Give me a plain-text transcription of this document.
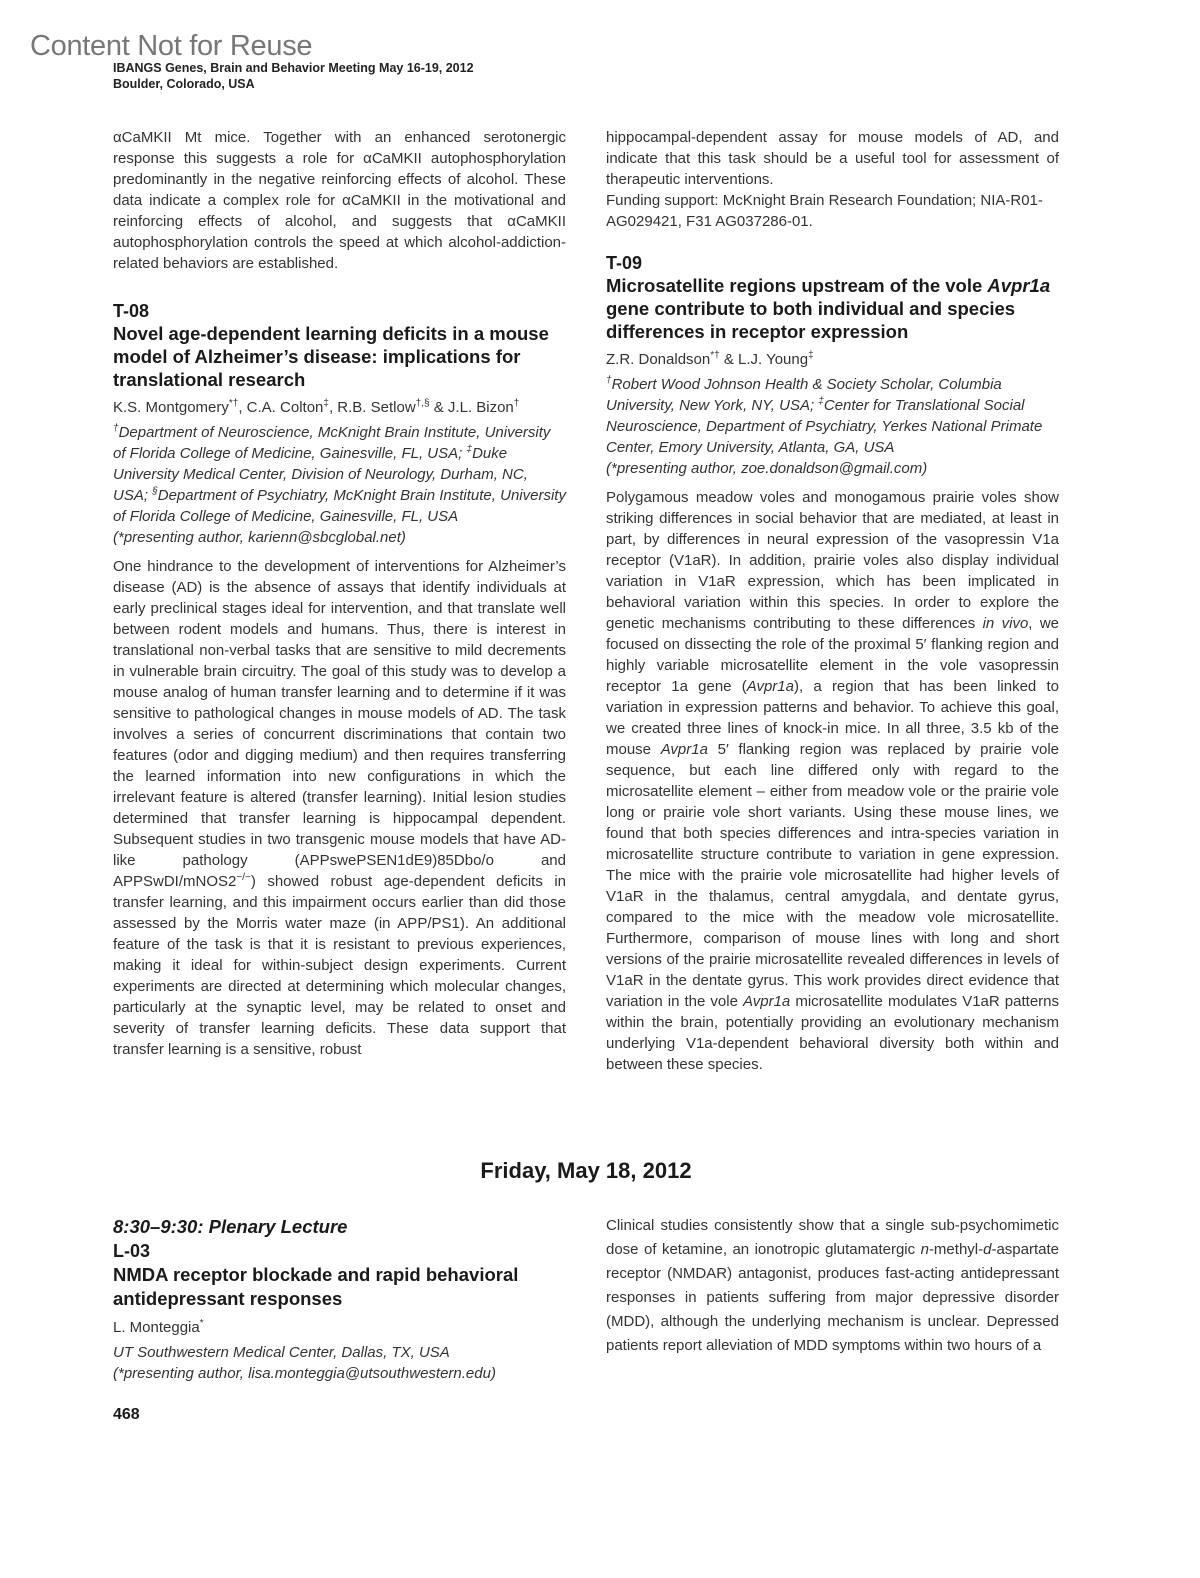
Content Not for Reuse
IBANGS Genes, Brain and Behavior Meeting May 16-19, 2012
Boulder, Colorado, USA

αCaMKII Mt mice. Together with an enhanced serotonergic response this suggests a role for αCaMKII autophosphorylation predominantly in the negative reinforcing effects of alcohol. These data indicate a complex role for αCaMKII in the motivational and reinforcing effects of alcohol, and suggests that αCaMKII autophosphorylation controls the speed at which alcohol-addiction-related behaviors are established.

T-08

Novel age-dependent learning deficits in a mouse model of Alzheimer’s disease: implications for translational research

K.S. Montgomery*†, C.A. Colton‡, R.B. Setlow†,§ & J.L. Bizon†

†Department of Neuroscience, McKnight Brain Institute, University of Florida College of Medicine, Gainesville, FL, USA; ‡Duke University Medical Center, Division of Neurology, Durham, NC, USA; §Department of Psychiatry, McKnight Brain Institute, University of Florida College of Medicine, Gainesville, FL, USA

(*presenting author, karienn@sbcglobal.net)

One hindrance to the development of interventions for Alzheimer’s disease (AD) is the absence of assays that identify individuals at early preclinical stages ideal for intervention, and that translate well between rodent models and humans. Thus, there is interest in translational non-verbal tasks that are sensitive to mild decrements in vulnerable brain circuitry. The goal of this study was to develop a mouse analog of human transfer learning and to determine if it was sensitive to pathological changes in mouse models of AD. The task involves a series of concurrent discriminations that contain two features (odor and digging medium) and then requires transferring the learned information into new configurations in which the irrelevant feature is altered (transfer learning). Initial lesion studies determined that transfer learning is hippocampal dependent. Subsequent studies in two transgenic mouse models that have AD-like pathology (APPswePSEN1dE9)85Dbo/o and APPSwDI/mNOS2−/−) showed robust age-dependent deficits in transfer learning, and this impairment occurs earlier than did those assessed by the Morris water maze (in APP/PS1). An additional feature of the task is that it is resistant to previous experiences, making it ideal for within-subject design experiments. Current experiments are directed at determining which molecular changes, particularly at the synaptic level, may be related to onset and severity of transfer learning deficits. These data support that transfer learning is a sensitive, robust

hippocampal-dependent assay for mouse models of AD, and indicate that this task should be a useful tool for assessment of therapeutic interventions.

Funding support: McKnight Brain Research Foundation; NIA-R01-AG029421, F31 AG037286-01.

T-09

Microsatellite regions upstream of the vole Avpr1a gene contribute to both individual and species differences in receptor expression

Z.R. Donaldson*† & L.J. Young‡

†Robert Wood Johnson Health & Society Scholar, Columbia University, New York, NY, USA; ‡Center for Translational Social Neuroscience, Department of Psychiatry, Yerkes National Primate Center, Emory University, Atlanta, GA, USA

(*presenting author, zoe.donaldson@gmail.com)

Polygamous meadow voles and monogamous prairie voles show striking differences in social behavior that are mediated, at least in part, by differences in neural expression of the vasopressin V1a receptor (V1aR). In addition, prairie voles also display individual variation in V1aR expression, which has been implicated in behavioral variation within this species. In order to explore the genetic mechanisms contributing to these differences in vivo, we focused on dissecting the role of the proximal 5′ flanking region and highly variable microsatellite element in the vole vasopressin receptor 1a gene (Avpr1a), a region that has been linked to variation in expression patterns and behavior. To achieve this goal, we created three lines of knock-in mice. In all three, 3.5 kb of the mouse Avpr1a 5′ flanking region was replaced by prairie vole sequence, but each line differed only with regard to the microsatellite element – either from meadow vole or the prairie vole long or prairie vole short variants. Using these mouse lines, we found that both species differences and intra-species variation in microsatellite structure contribute to variation in gene expression. The mice with the prairie vole microsatellite had higher levels of V1aR in the thalamus, central amygdala, and dentate gyrus, compared to the mice with the meadow vole microsatellite. Furthermore, comparison of mouse lines with long and short versions of the prairie microsatellite revealed differences in levels of V1aR in the dentate gyrus. This work provides direct evidence that variation in the vole Avpr1a microsatellite modulates V1aR patterns within the brain, potentially providing an evolutionary mechanism underlying V1a-dependent behavioral diversity both within and between these species.

Friday, May 18, 2012

8:30–9:30: Plenary Lecture

L-03

NMDA receptor blockade and rapid behavioral antidepressant responses

L. Monteggia*

UT Southwestern Medical Center, Dallas, TX, USA

(*presenting author, lisa.monteggia@utsouthwestern.edu)

Clinical studies consistently show that a single sub-psychomimetic dose of ketamine, an ionotropic glutamatergic n-methyl-d-aspartate receptor (NMDAR) antagonist, produces fast-acting antidepressant responses in patients suffering from major depressive disorder (MDD), although the underlying mechanism is unclear. Depressed patients report alleviation of MDD symptoms within two hours of a

468
